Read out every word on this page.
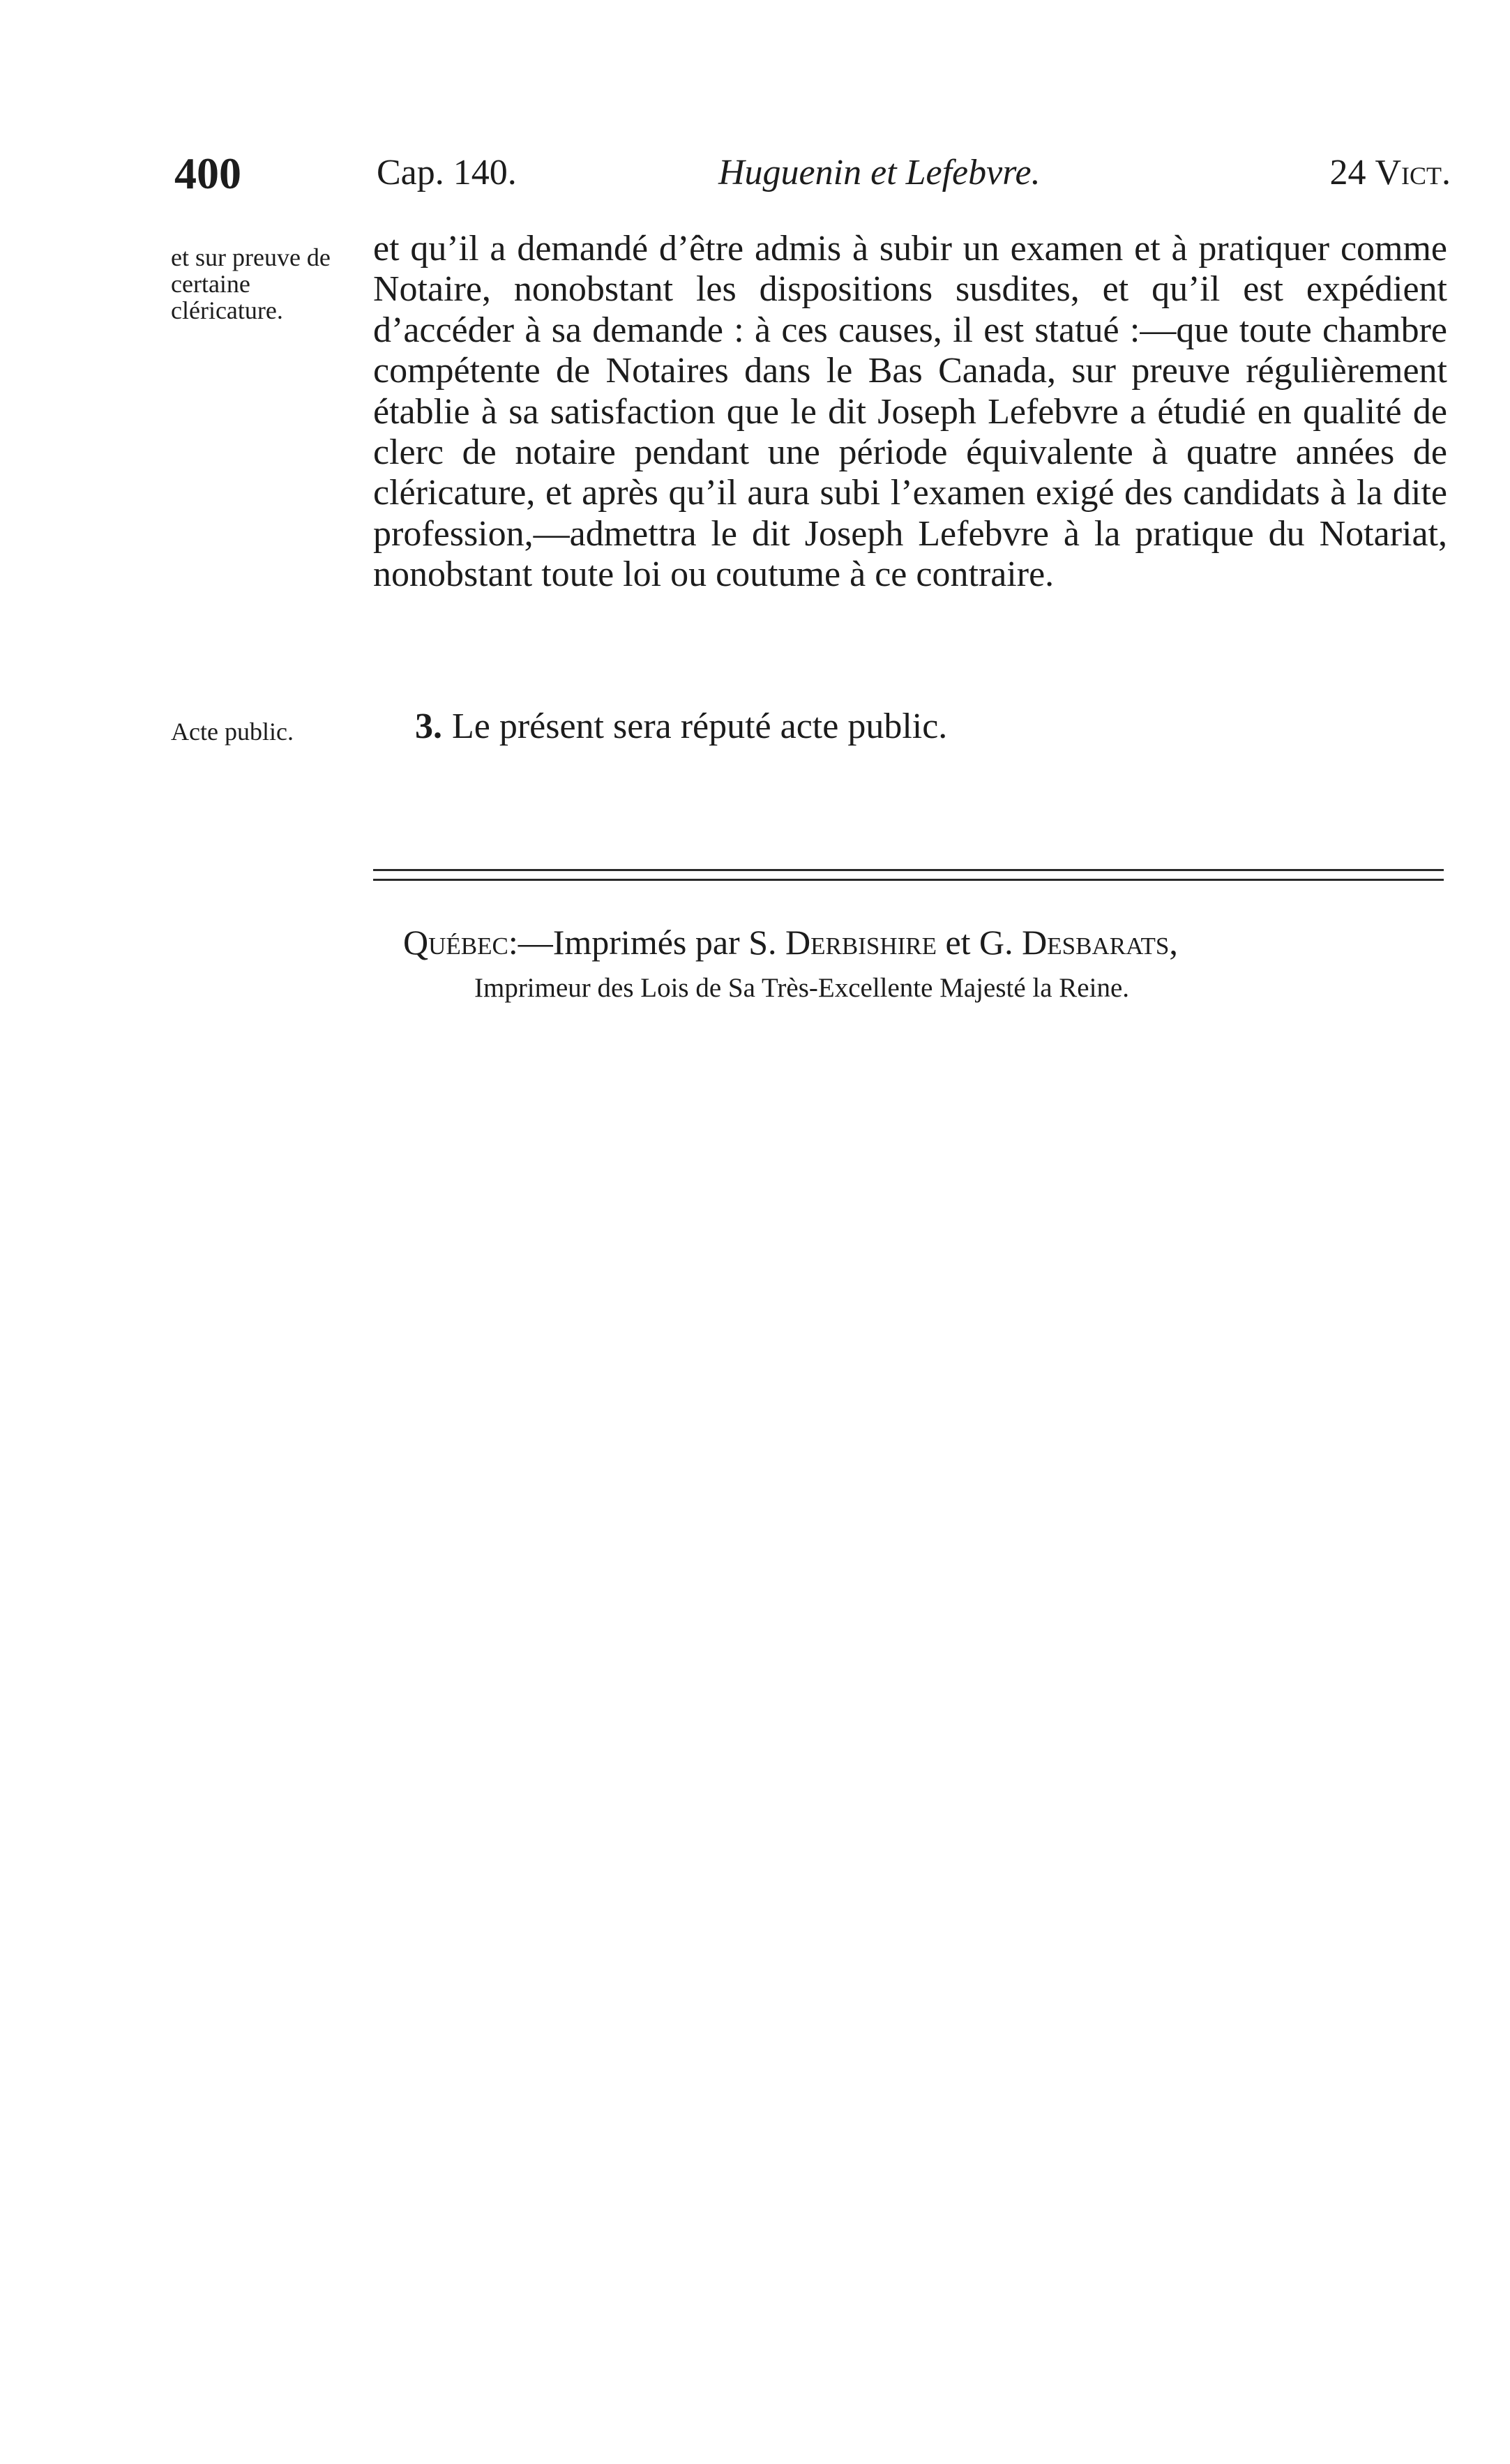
400	Cap. 140.	Huguenin et Lefebvre.	24 Vict.
et sur preuve de certaine cléricature.
Acte public.

et qu’il a demandé d’être admis à subir un examen et à pratiquer comme Notaire, nonobstant les dispositions susdites, et qu’il est expédient d’accéder à sa demande : à ces causes, il est statué :—que toute chambre compétente de Notaires dans le Bas Canada, sur preuve régulièrement établie à sa satisfaction que le dit Joseph Lefebvre a étudié en qualité de clerc de notaire pendant une période équivalente à quatre années de cléricature, et après qu’il aura subi l’examen exigé des candidats à la dite profession,—admettra le dit Joseph Lefebvre à la pratique du Notariat, nonobstant toute loi ou coutume à ce contraire.

3. Le présent sera réputé acte public.
Québec:—Imprimés par S. Derbishire et G. Desbarats,
Imprimeur des Lois de Sa Très-Excellente Majesté la Reine.
